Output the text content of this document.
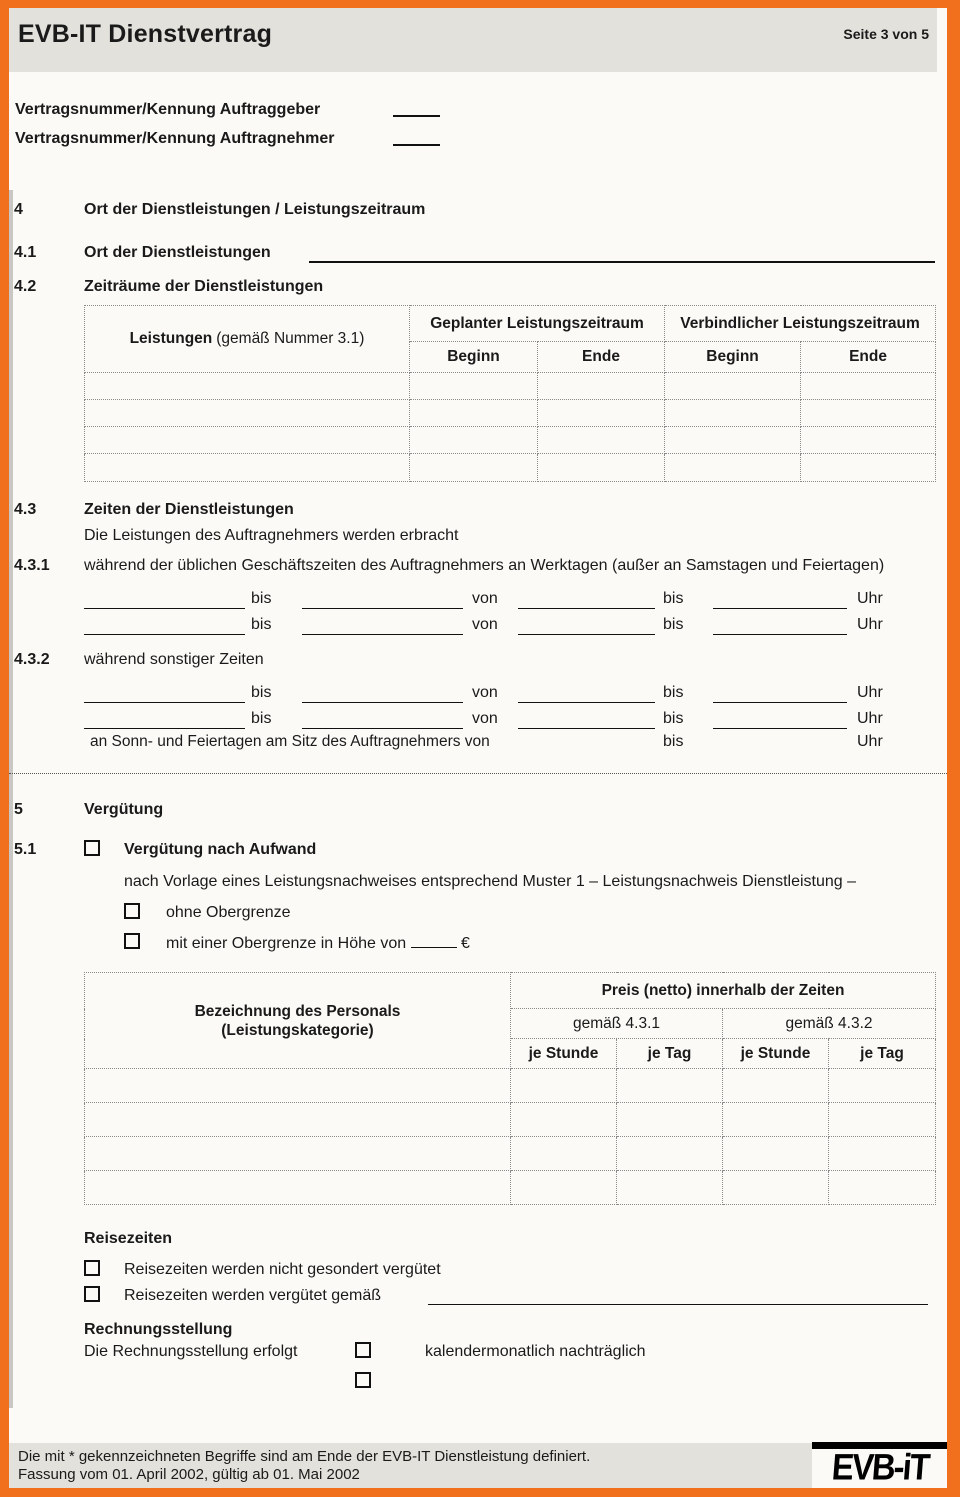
EVB-IT Dienstvertrag	Seite 3 von 5
Vertragsnummer/Kennung Auftraggeber
Vertragsnummer/Kennung Auftragnehmer
4	Ort der Dienstleistungen / Leistungszeitraum
4.1	Ort der Dienstleistungen
4.2	Zeiträume der Dienstleistungen
Leistungen (gemäß Nummer 3.1)	Geplanter Leistungszeitraum		Verbindlicher Leistungszeitraum	
	Beginn	Ende	Beginn	Ende

4.3	Zeiten der Dienstleistungen
Die Leistungen des Auftragnehmers werden erbracht
4.3.1 während der üblichen Geschäftszeiten des Auftragnehmers an Werktagen (außer an Samstagen und Feiertagen)
bis	von	bis	Uhr
bis	von	bis	Uhr
4.3.2 während sonstiger Zeiten
bis	von	bis	Uhr
bis	von	bis	Uhr
an Sonn- und Feiertagen am Sitz des Auftragnehmers von	bis	Uhr
5	Vergütung
5.1	Vergütung nach Aufwand
nach Vorlage eines Leistungsnachweises entsprechend Muster 1 – Leistungsnachweis Dienstleistung –
ohne Obergrenze
mit einer Obergrenze in Höhe von	€
Bezeichnung des Personals
(Leistungskategorie)	Preis (netto) innerhalb der Zeiten			
	gemäß 4.3.1		gemäß 4.3.2	
	je Stunde	je Tag	je Stunde	je Tag

Reisezeiten
Reisezeiten werden nicht gesondert vergütet
Reisezeiten werden vergütet gemäß
Rechnungsstellung
Die Rechnungsstellung erfolgt	kalendermonatlich nachträglich
Die mit * gekennzeichneten Begriffe sind am Ende der EVB-IT Dienstleistung definiert.
Fassung vom 01. April 2002, gültig ab 01. Mai 2002	EVB-iT
